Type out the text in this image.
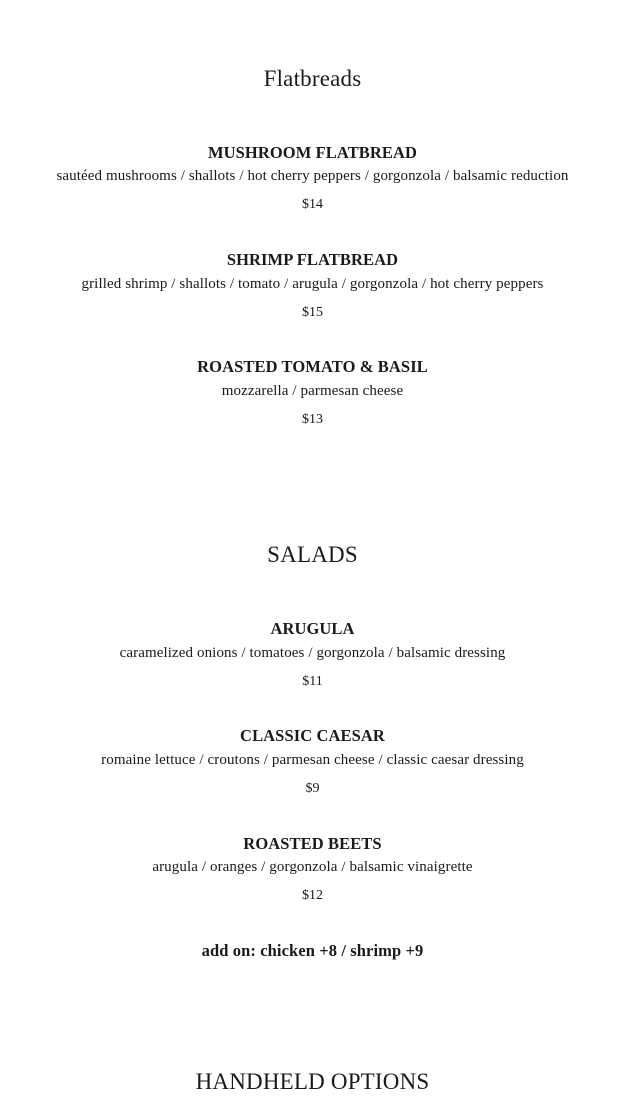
Flatbreads
MUSHROOM FLATBREAD
sautéed mushrooms / shallots / hot cherry peppers / gorgonzola / balsamic reduction
$14
SHRIMP FLATBREAD
grilled shrimp / shallots / tomato / arugula / gorgonzola / hot cherry peppers
$15
ROASTED TOMATO & BASIL
mozzarella / parmesan cheese
$13
SALADS
ARUGULA
caramelized onions / tomatoes / gorgonzola / balsamic dressing
$11
CLASSIC CAESAR
romaine lettuce / croutons / parmesan cheese / classic caesar dressing
$9
ROASTED BEETS
arugula / oranges / gorgonzola / balsamic vinaigrette
$12
add on: chicken +8 / shrimp +9
HANDHELD OPTIONS
